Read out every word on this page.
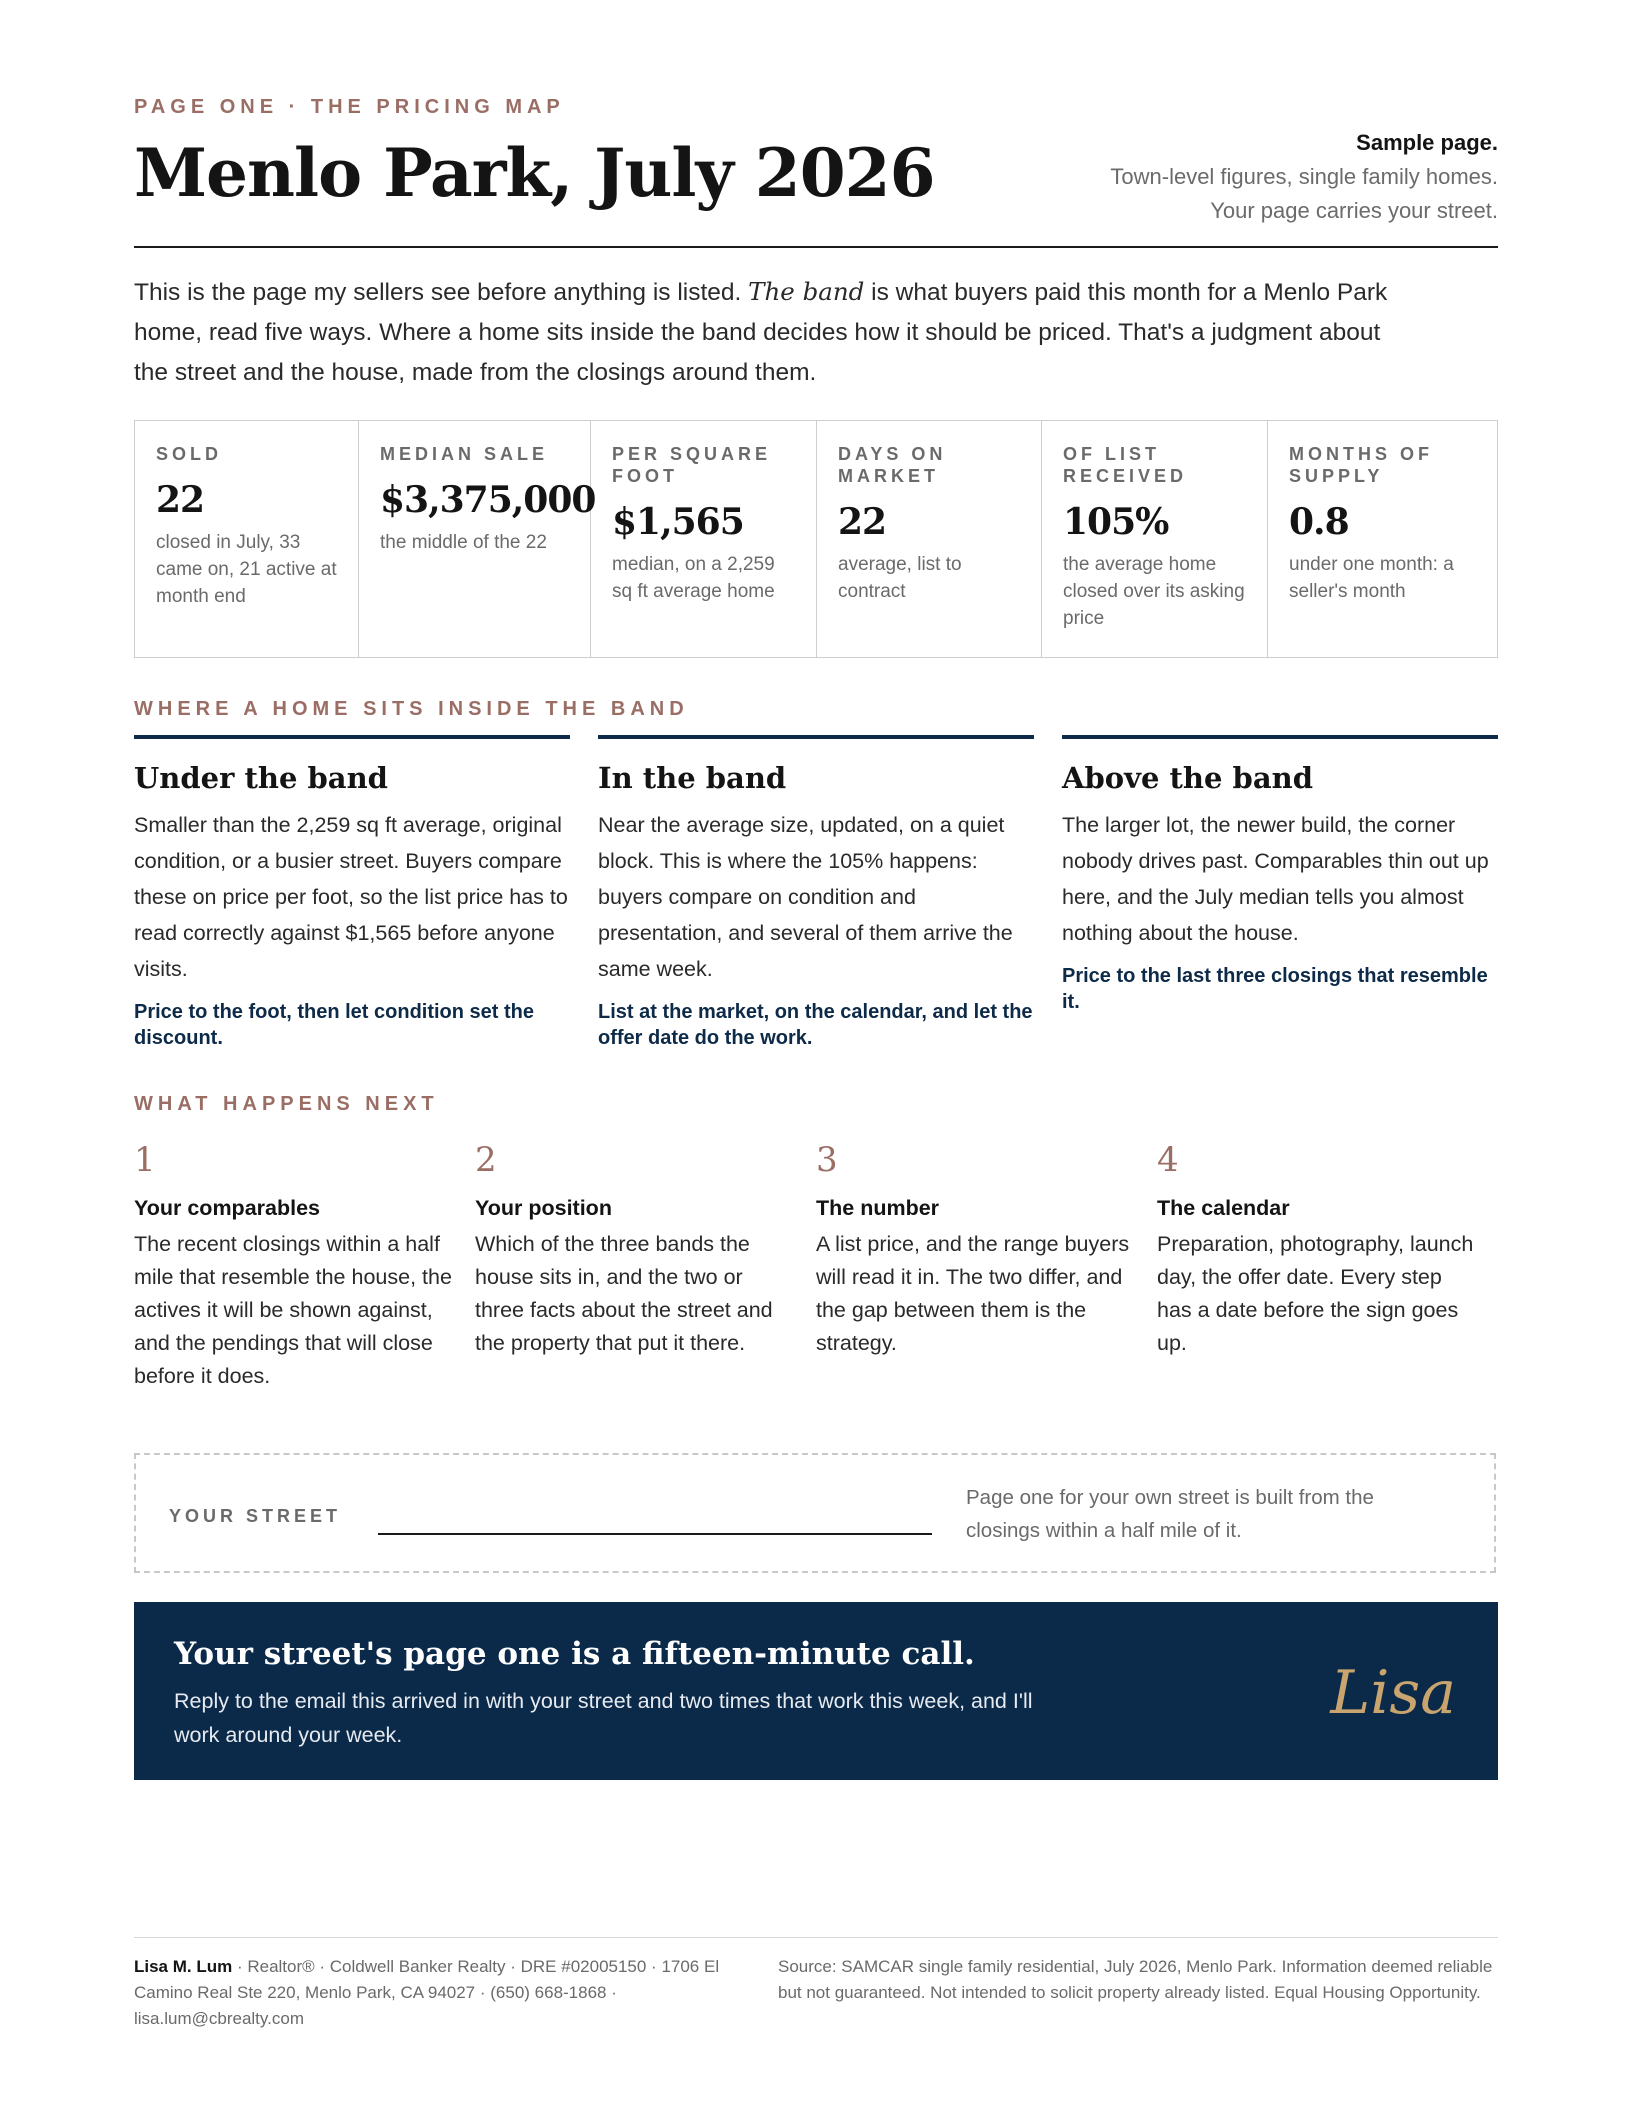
PAGE ONE · THE PRICING MAP
Menlo Park, July 2026	Sample page.
Town-level figures, single family homes.
Your page carries your street.

This is the page my sellers see before anything is listed. The band is what buyers paid this month for a Menlo Park home, read five ways. Where a home sits inside the band decides how it should be priced. That's a judgment about the street and the house, made from the closings around them.

SOLD
22
closed in July, 33 came on, 21 active at month end
MEDIAN SALE
$3,375,000
the middle of the 22
PER SQUARE FOOT
$1,565
median, on a 2,259 sq ft average home
DAYS ON MARKET
22
average, list to contract
OF LIST RECEIVED
105%
the average home closed over its asking price
MONTHS OF SUPPLY
0.8
under one month: a seller's month
WHERE A HOME SITS INSIDE THE BAND
Under the band

Smaller than the 2,259 sq ft average, original condition, or a busier street. Buyers compare these on price per foot, so the list price has to read correctly against $1,565 before anyone visits.

Price to the foot, then let condition set the discount.

In the band

Near the average size, updated, on a quiet block. This is where the 105% happens: buyers compare on condition and presentation, and several of them arrive the same week.

List at the market, on the calendar, and let the offer date do the work.

Above the band

The larger lot, the newer build, the corner nobody drives past. Comparables thin out up here, and the July median tells you almost nothing about the house.

Price to the last three closings that resemble it.

WHAT HAPPENS NEXT
1
Your comparables
The recent closings within a half mile that resemble the house, the actives it will be shown against, and the pendings that will close before it does.
2
Your position
Which of the three bands the house sits in, and the two or three facts about the street and the property that put it there.
3
The number
A list price, and the range buyers will read it in. The two differ, and the gap between them is the strategy.
4
The calendar
Preparation, photography, launch day, the offer date. Every step has a date before the sign goes up.
YOUR STREET
Page one for your own street is built from the closings within a half mile of it.
Your street's page one is a fifteen-minute call.

Reply to the email this arrived in with your street and two times that work this week, and I'll work around your week.

Lisa
Lisa M. Lum · Realtor® · Coldwell Banker Realty · DRE #02005150 · 1706 El Camino Real Ste 220, Menlo Park, CA 94027 · (650) 668-1868 · lisa.lum@cbrealty.com
Source: SAMCAR single family residential, July 2026, Menlo Park. Information deemed reliable but not guaranteed. Not intended to solicit property already listed. Equal Housing Opportunity.
